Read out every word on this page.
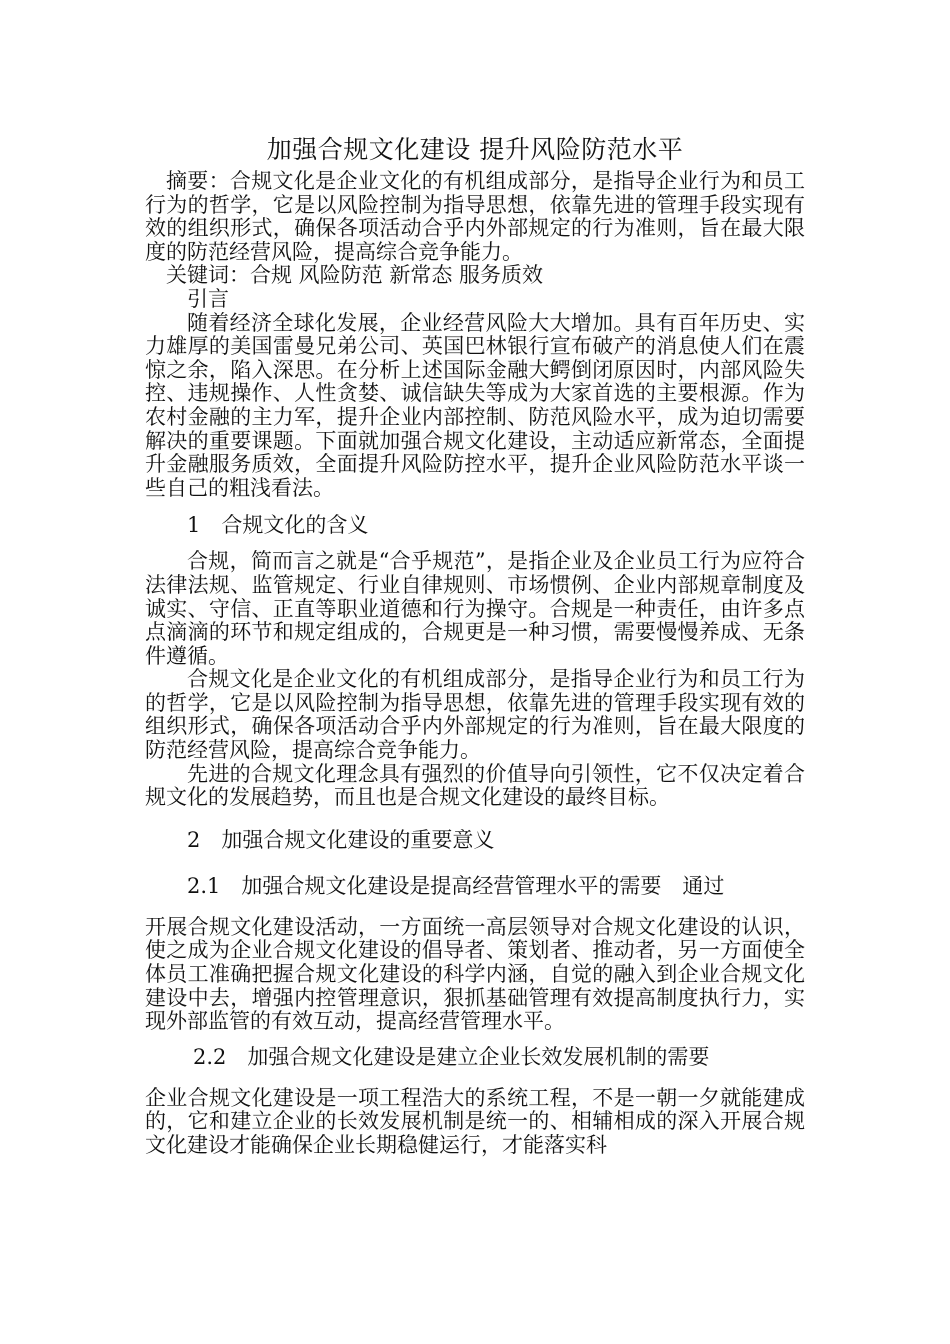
加强合规文化建设 提升风险防范水平

摘要：合规文化是企业文化的有机组成部分，是指导企业行为和员工行为的哲学，它是以风险控制为指导思想，依靠先进的管理手段实现有效的组织形式，确保各项活动合乎内外部规定的行为准则，旨在最大限度的防范经营风险，提高综合竞争能力。

关键词：合规 风险防范 新常态 服务质效

引言

随着经济全球化发展，企业经营风险大大增加。具有百年历史、实力雄厚的美国雷曼兄弟公司、英国巴林银行宣布破产的消息使人们在震惊之余，陷入深思。在分析上述国际金融大鳄倒闭原因时，内部风险失控、违规操作、人性贪婪、诚信缺失等成为大家首选的主要根源。作为农村金融的主力军，提升企业内部控制、防范风险水平，成为迫切需要解决的重要课题。下面就加强合规文化建设，主动适应新常态，全面提升金融服务质效，全面提升风险防控水平，提升企业风险防范水平谈一些自己的粗浅看法。

1　合规文化的含义

合规，简而言之就是“合乎规范”，是指企业及企业员工行为应符合法律法规、监管规定、行业自律规则、市场惯例、企业内部规章制度及诚实、守信、正直等职业道德和行为操守。合规是一种责任，由许多点点滴滴的环节和规定组成的，合规更是一种习惯，需要慢慢养成、无条件遵循。

合规文化是企业文化的有机组成部分，是指导企业行为和员工行为的哲学，它是以风险控制为指导思想，依靠先进的管理手段实现有效的组织形式，确保各项活动合乎内外部规定的行为准则，旨在最大限度的防范经营风险，提高综合竞争能力。

先进的合规文化理念具有强烈的价值导向引领性，它不仅决定着合规文化的发展趋势，而且也是合规文化建设的最终目标。

2　加强合规文化建设的重要意义
2.1　加强合规文化建设是提高经营管理水平的需要　通过

开展合规文化建设活动，一方面统一高层领导对合规文化建设的认识，使之成为企业合规文化建设的倡导者、策划者、推动者，另一方面使全体员工准确把握合规文化建设的科学内涵，自觉的融入到企业合规文化建设中去，增强内控管理意识，狠抓基础管理有效提高制度执行力，实现外部监管的有效互动，提高经营管理水平。

2.2　加强合规文化建设是建立企业长效发展机制的需要

企业合规文化建设是一项工程浩大的系统工程，不是一朝一夕就能建成的，它和建立企业的长效发展机制是统一的、相辅相成的深入开展合规文化建设才能确保企业长期稳健运行，才能落实科
